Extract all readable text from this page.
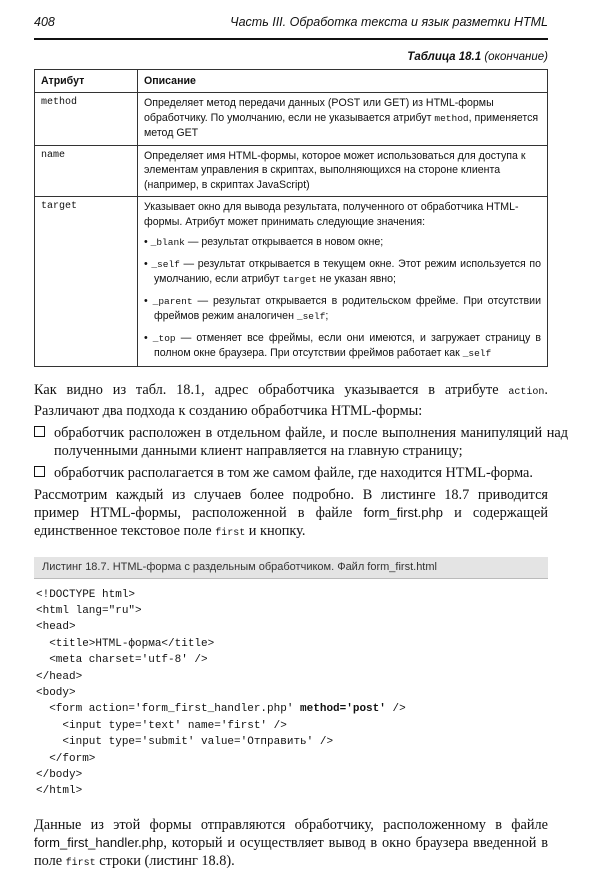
408	Часть III. Обработка текста и язык разметки HTML
Таблица 18.1 (окончание)
Атрибут	Описание
method	Определяет метод передачи данных (POST или GET) из HTML-формы обработчику. По умолчанию, если не указывается атрибут method, применяется метод GET
name	Определяет имя HTML-формы, которое может использоваться для доступа к элементам управления в скриптах, выполняющихся на стороне клиента (например, в скриптах JavaScript)
target	Указывает окно для вывода результата, полученного от обработчика HTML-формы. Атрибут может принимать следующие значения:
• _blank — результат открывается в новом окне;
• _self — результат открывается в текущем окне. Этот режим используется по умолчанию, если атрибут target не указан явно;
• _parent — результат открывается в родительском фрейме. При отсутствии фреймов режим аналогичен _self;
• _top — отменяет все фреймы, если они имеются, и загружает страницу в полном окне браузера. При отсутствии фреймов работает как _self
Как видно из табл. 18.1, адрес обработчика указывается в атрибуте action. Различают два подхода к созданию обработчика HTML-формы:
обработчик расположен в отдельном файле, и после выполнения манипуляций над полученными данными клиент направляется на главную страницу;
обработчик располагается в том же самом файле, где находится HTML-форма.
Рассмотрим каждый из случаев более подробно. В листинге 18.7 приводится пример HTML-формы, расположенной в файле form_first.php и содержащей единственное текстовое поле first и кнопку.
Листинг 18.7. HTML-форма с раздельным обработчиком. Файл form_first.html
<!DOCTYPE html>
<html lang="ru">
<head>
<title>HTML-форма</title>
<meta charset='utf-8' />
</head>
<body>
<form action='form_first_handler.php' method='post' />
<input type='text' name='first' />
<input type='submit' value='Отправить' />
</form>
</body>
</html>
Данные из этой формы отправляются обработчику, расположенному в файле form_first_handler.php, который и осуществляет вывод в окно браузера введенной в поле first строки (листинг 18.8).
